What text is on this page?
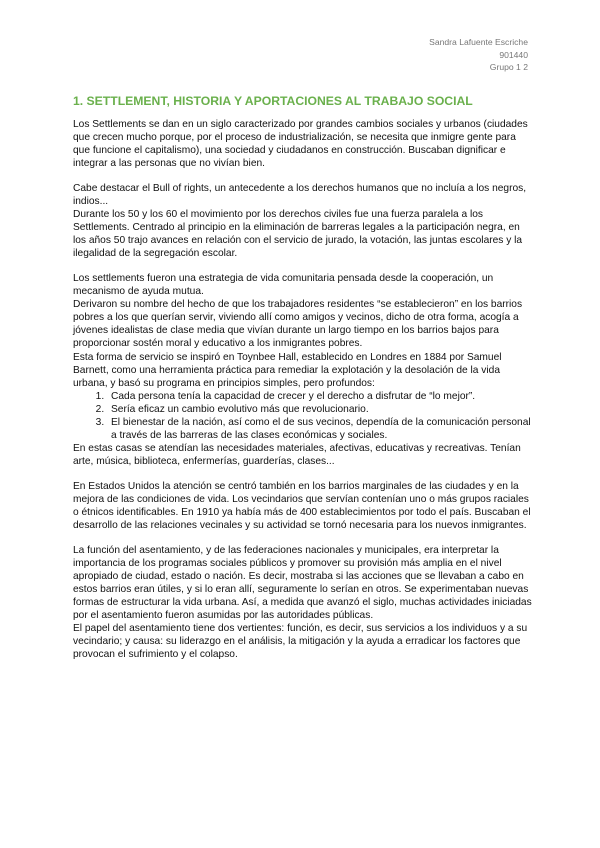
Sandra Lafuente Escriche
901440
Grupo 1 2
1. SETTLEMENT, HISTORIA Y APORTACIONES AL TRABAJO SOCIAL

Los Settlements se dan en un siglo caracterizado por grandes cambios sociales y urbanos (ciudades que crecen mucho porque, por el proceso de industrialización, se necesita que inmigre gente para que funcione el capitalismo), una sociedad y ciudadanos en construcción. Buscaban dignificar e integrar a las personas que no vivían bien.

Cabe destacar el Bull of rights, un antecedente a los derechos humanos que no incluía a los negros, indios...

Durante los 50 y los 60 el movimiento por los derechos civiles fue una fuerza paralela a los Settlements. Centrado al principio en la eliminación de barreras legales a la participación negra, en los años 50 trajo avances en relación con el servicio de jurado, la votación, las juntas escolares y la ilegalidad de la segregación escolar.

Los settlements fueron una estrategia de vida comunitaria pensada desde la cooperación, un mecanismo de ayuda mutua.

Derivaron su nombre del hecho de que los trabajadores residentes “se establecieron” en los barrios pobres a los que querían servir, viviendo allí como amigos y vecinos, dicho de otra forma, acogía a jóvenes idealistas de clase media que vivían durante un largo tiempo en los barrios bajos para proporcionar sostén moral y educativo a los inmigrantes pobres.

Esta forma de servicio se inspiró en Toynbee Hall, establecido en Londres en 1884 por Samuel Barnett, como una herramienta práctica para remediar la explotación y la desolación de la vida urbana, y basó su programa en principios simples, pero profundos:

1. Cada persona tenía la capacidad de crecer y el derecho a disfrutar de “lo mejor”.
2. Sería eficaz un cambio evolutivo más que revolucionario.
3. El bienestar de la nación, así como el de sus vecinos, dependía de la comunicación personal a través de las barreras de las clases económicas y sociales.

En estas casas se atendían las necesidades materiales, afectivas, educativas y recreativas. Tenían arte, música, biblioteca, enfermerías, guarderías, clases...

En Estados Unidos la atención se centró también en los barrios marginales de las ciudades y en la mejora de las condiciones de vida. Los vecindarios que servían contenían uno o más grupos raciales o étnicos identificables. En 1910 ya había más de 400 establecimientos por todo el país. Buscaban el desarrollo de las relaciones vecinales y su actividad se tornó necesaria para los nuevos inmigrantes.

La función del asentamiento, y de las federaciones nacionales y municipales, era interpretar la importancia de los programas sociales públicos y promover su provisión más amplia en el nivel apropiado de ciudad, estado o nación. Es decir, mostraba si las acciones que se llevaban a cabo en estos barrios eran útiles, y si lo eran allí, seguramente lo serían en otros. Se experimentaban nuevas formas de estructurar la vida urbana. Así, a medida que avanzó el siglo, muchas actividades iniciadas por el asentamiento fueron asumidas por las autoridades públicas.

El papel del asentamiento tiene dos vertientes: función, es decir, sus servicios a los individuos y a su vecindario; y causa: su liderazgo en el análisis, la mitigación y la ayuda a erradicar los factores que provocan el sufrimiento y el colapso.
